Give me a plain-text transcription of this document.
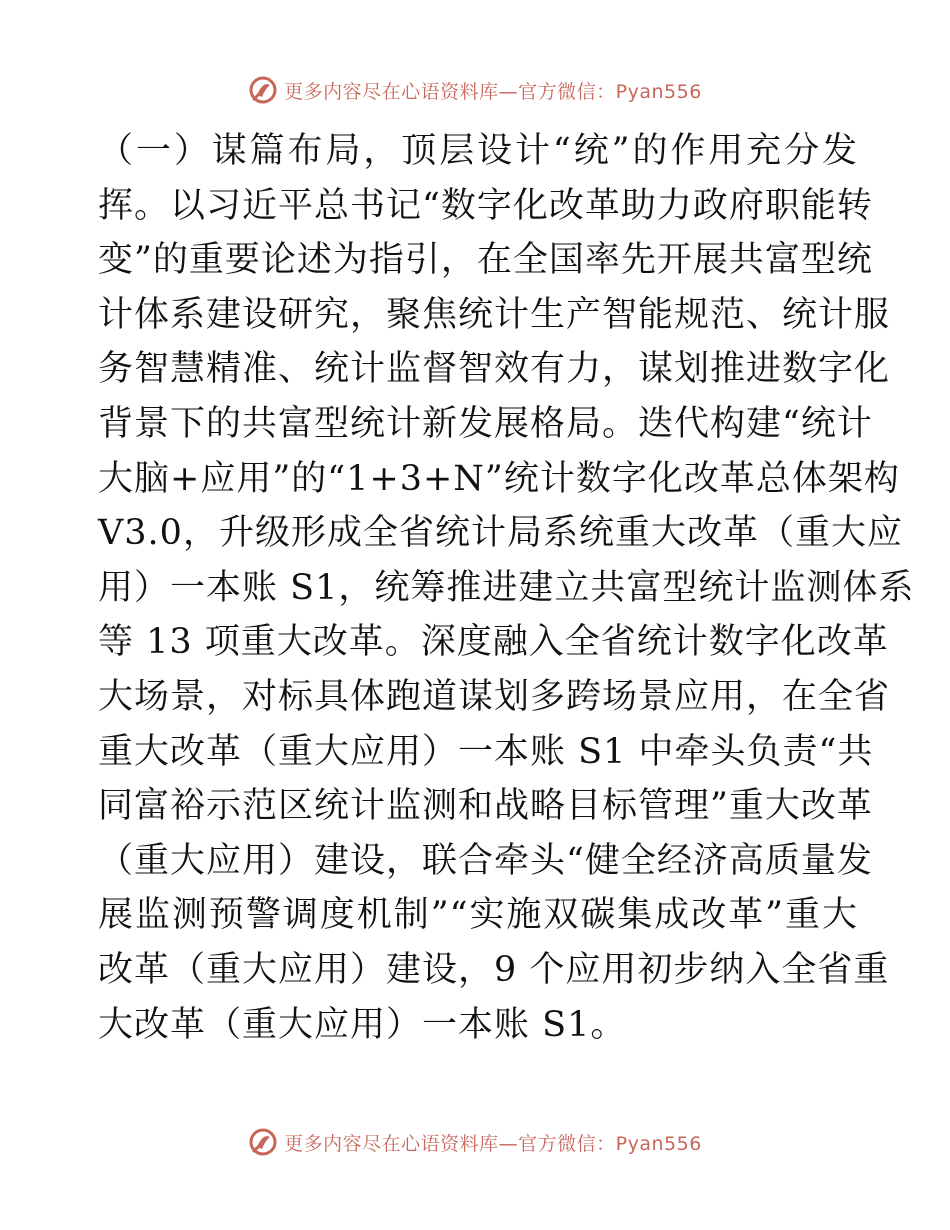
更多内容尽在心语资料库—官方微信：Pyan556
（一）谋篇布局，顶层设计“统”的作用充分发
挥。以习近平总书记“数字化改革助力政府职能转
变”的重要论述为指引，在全国率先开展共富型统
计体系建设研究，聚焦统计生产智能规范、统计服
务智慧精准、统计监督智效有力，谋划推进数字化
背景下的共富型统计新发展格局。迭代构建“统计
大脑+应用”的“1+3+N”统计数字化改革总体架构
V3.0，升级形成全省统计局系统重大改革（重大应
用）一本账 S1，统筹推进建立共富型统计监测体系
等 13 项重大改革。深度融入全省统计数字化改革
大场景，对标具体跑道谋划多跨场景应用，在全省
重大改革（重大应用）一本账 S1 中牵头负责“共
同富裕示范区统计监测和战略目标管理”重大改革
（重大应用）建设，联合牵头“健全经济高质量发
展监测预警调度机制”“实施双碳集成改革”重大
改革（重大应用）建设，9 个应用初步纳入全省重
大改革（重大应用）一本账 S1。
更多内容尽在心语资料库—官方微信：Pyan556
